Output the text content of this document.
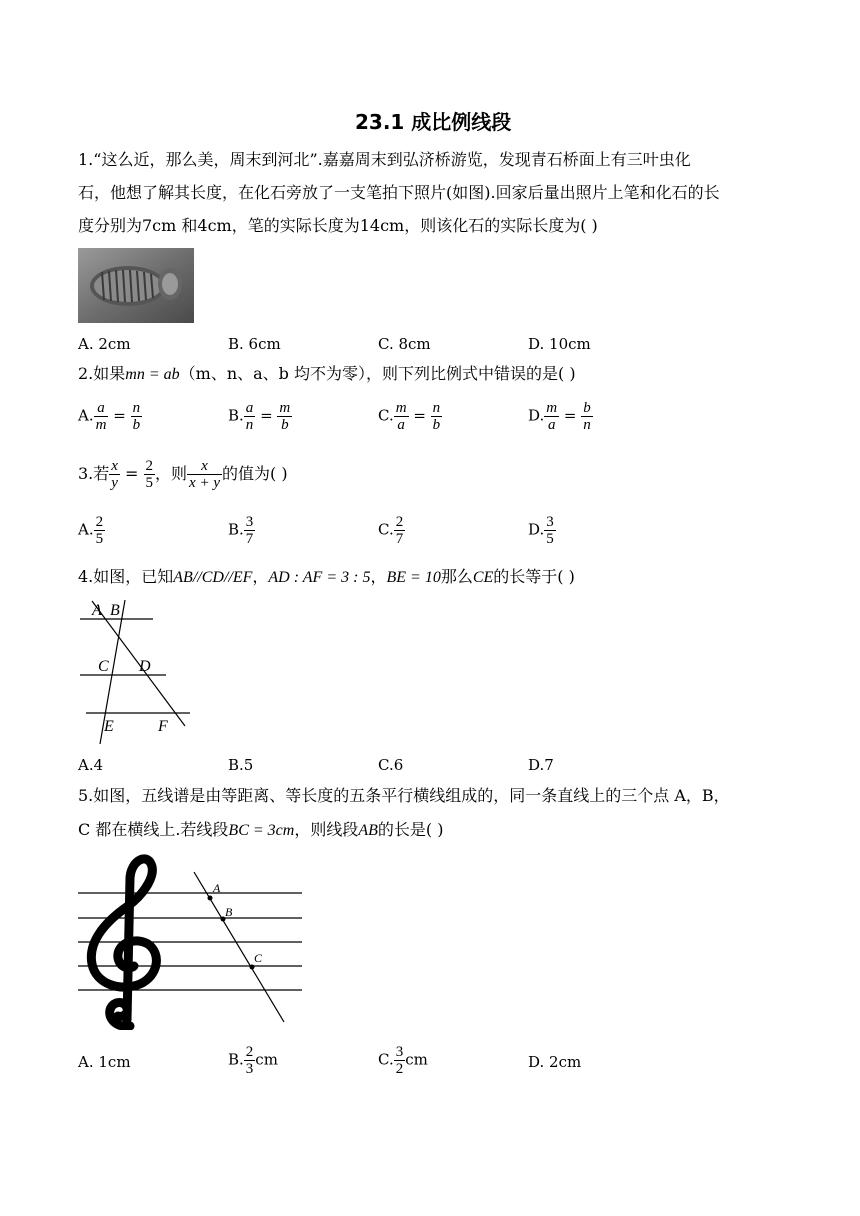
23.1 成比例线段
1.“这么近，那么美，周末到河北”.嘉嘉周末到弘济桥游览，发现青石桥面上有三叶虫化
石，他想了解其长度，在化石旁放了一支笔拍下照片(如图).回家后量出照片上笔和化石的长
度分别为7cm 和4cm，笔的实际长度为14cm，则该化石的实际长度为( )
A. 2cm	B. 6cm	C. 8cm	D. 10cm
2.如果mn = ab（m、n、a、b 均不为零），则下列比例式中错误的是( )
A. $\frac{a}{m} = \frac{n}{b}$	B. $\frac{a}{n} = \frac{m}{b}$	C. $\frac{m}{a} = \frac{n}{b}$	D. $\frac{m}{a} = \frac{b}{n}$
3.若 $\frac{x}{y} = \frac{2}{5}$ ，则 $\frac{x}{x + y}$ 的值为( )
A. $\frac{2}{5}$	B. $\frac{3}{7}$	C. $\frac{2}{7}$	D. $\frac{3}{5}$
4.如图，已知AB//CD//EF，AD : AF = 3 : 5，BE = 10那么CE的长等于( )
A B
C D
E	F
A.4	B.5	C.6	D.7
5.如图，五线谱是由等距离、等长度的五条平行横线组成的，同一条直线上的三个点 A，B，
C 都在横线上.若线段BC = 3cm，则线段AB的长是( )
A
B
C
A. 1cm	B. $\frac{2}{3}$ cm	C. $\frac{3}{2}$ cm	D. 2cm
